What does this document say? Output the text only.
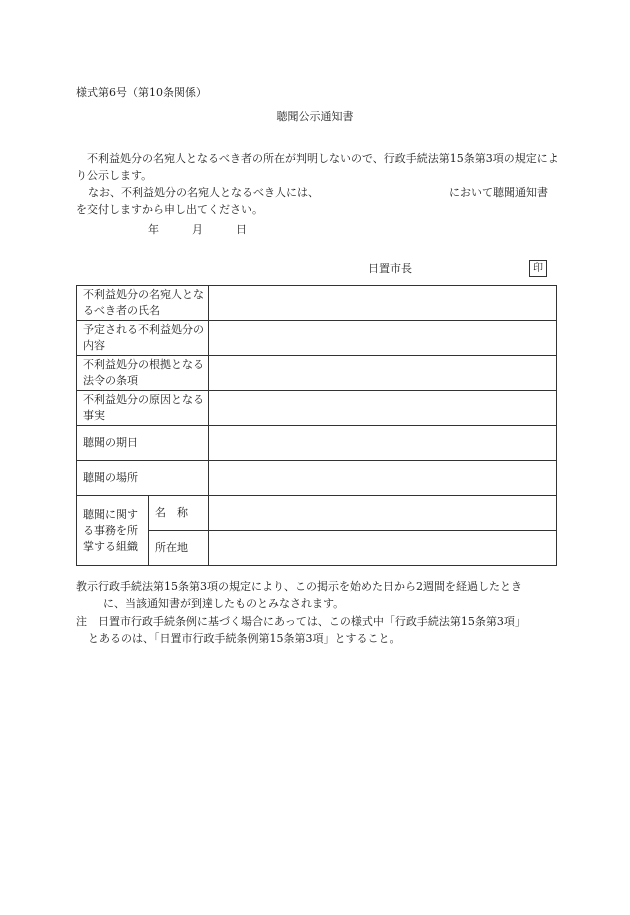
様式第6号（第10条関係）
聴聞公示通知書
不利益処分の名宛人となるべき者の所在が判明しないので、行政手続法第15条第3項の規定により公示します。
なお、不利益処分の名宛人となるべき人には、	において聴聞通知書
を交付しますから申し出てください。
年	月	日
日置市長	印
不利益処分の名宛人となるべき者の氏名		
予定される不利益処分の内容		
不利益処分の根拠となる法令の条項		
不利益処分の原因となる事実		
聴聞の期日		
聴聞の場所		
聴聞に関する事務を所掌する組織	名　称	
	所在地	
教示行政手続法第15条第3項の規定により、この掲示を始めた日から2週間を経過したとき
に、当該通知書が到達したものとみなされます。
注 日置市行政手続条例に基づく場合にあっては、この様式中「行政手続法第15条第3項」
とあるのは、「日置市行政手続条例第15条第3項」とすること。
